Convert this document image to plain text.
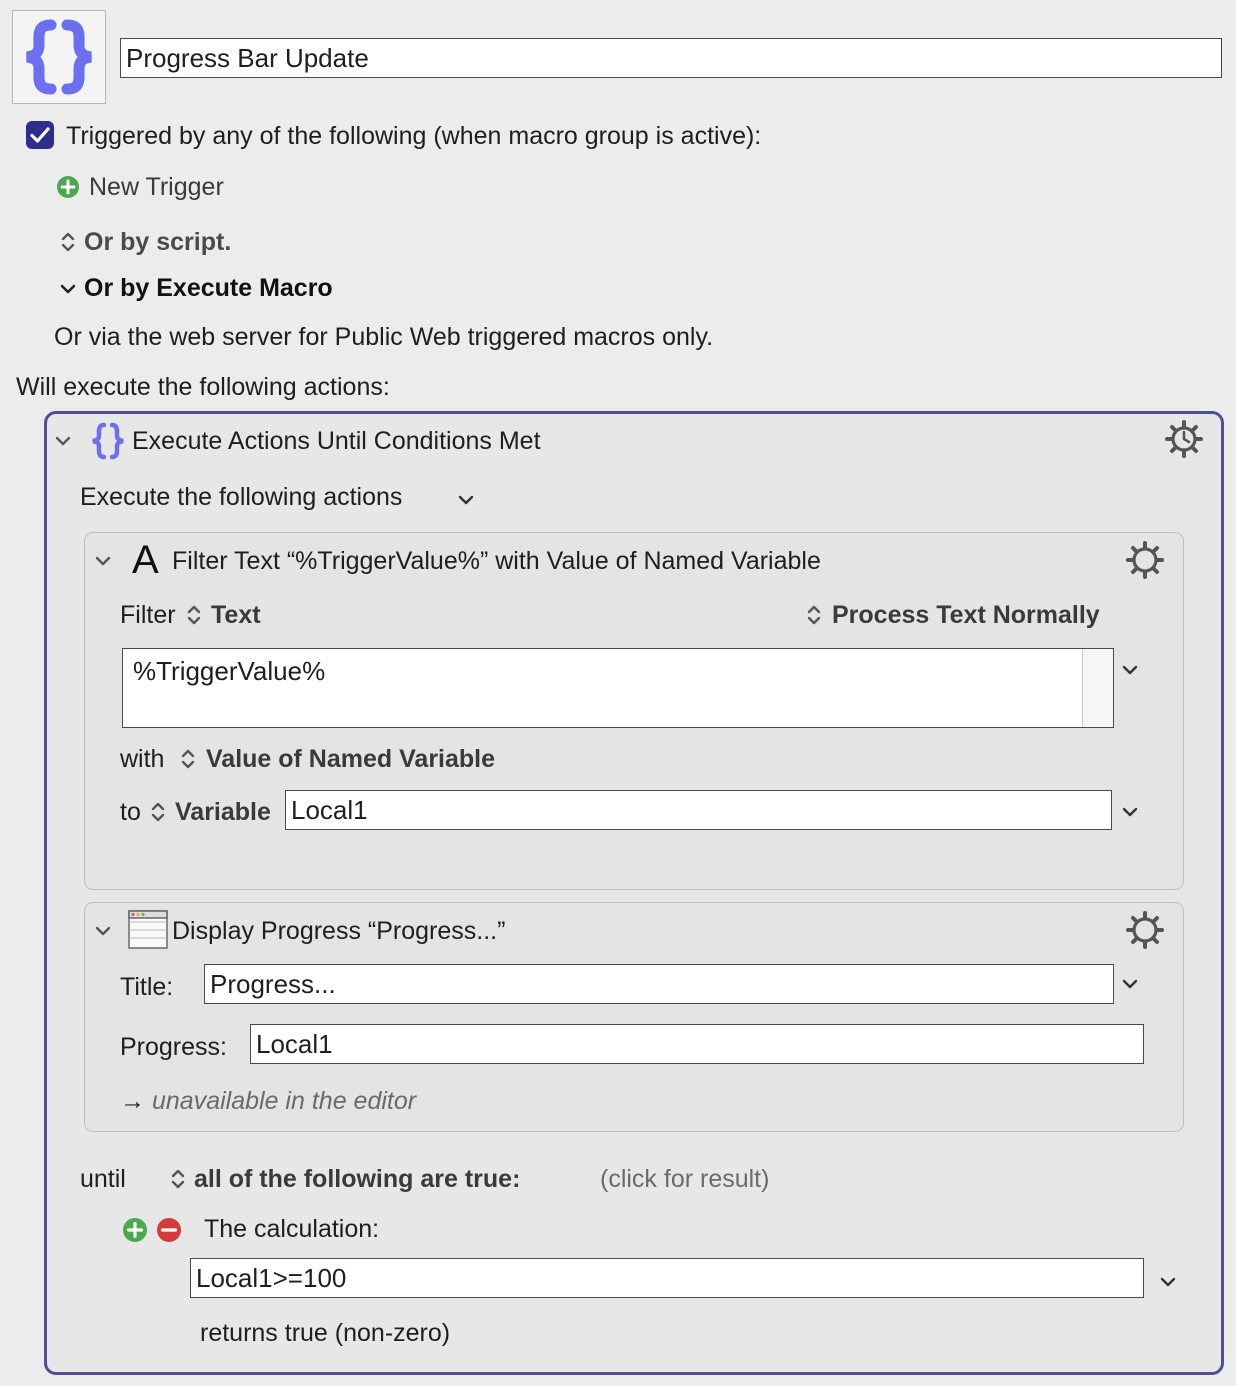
Progress Bar Update
Triggered by any of the following (when macro group is active):
New Trigger
Or by script.
Or by Execute Macro
Or via the web server for Public Web triggered macros only.
Will execute the following actions:
Execute Actions Until Conditions Met
Execute the following actions
A Filter Text “%TriggerValue%” with Value of Named Variable
Filter Text	Process Text Normally
%TriggerValue%
with Value of Named Variable
to Variable Local1
Display Progress “Progress...”
Title: Progress...
Progress: Local1
→ unavailable in the editor
until	all of the following are true:	(click for result)
The calculation:
Local1>=100
returns true (non-zero)
